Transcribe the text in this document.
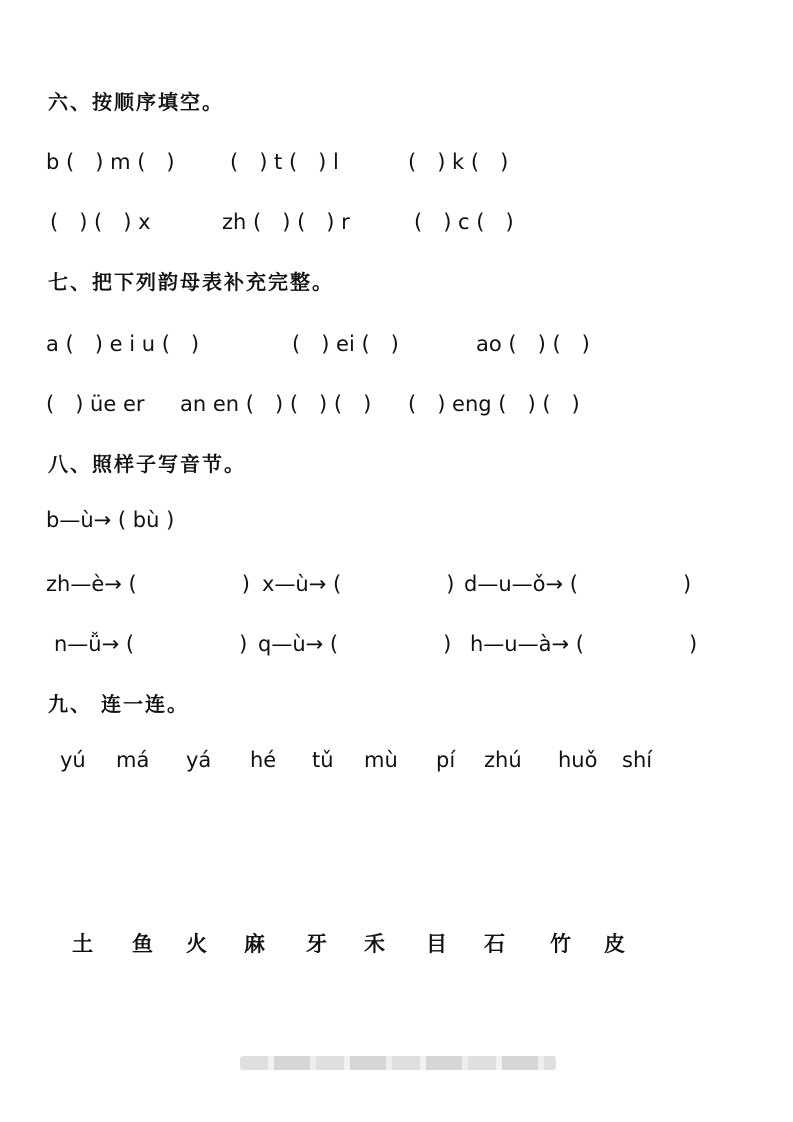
六、按顺序填空。
b (　) m (　)	(　) t (　) l	(　) k (　)
(　) (　) x	zh (　) (　) r	(　) c (　)
七、把下列韵母表补充完整。
a (　) e i u (　)	(　) ei (　)	ao (　) (　)
(　) üe er an en (　) (　) (　) (　) eng (　) (　)
八、照样子写音节。
b—ù→ ( bù )
zh—è→ (　　　　　) x—ù→ (　　　　　) d—u—ǒ→ (　　　　　)
n—ǚ→ (　　　　　) q—ù→ (　　　　　) h—u—à→ (　　　　　)
九、 连一连。
yú má yá hé tǔ mù pí zhú huǒ shí
土 鱼 火 麻 牙 禾 目 石 竹 皮
